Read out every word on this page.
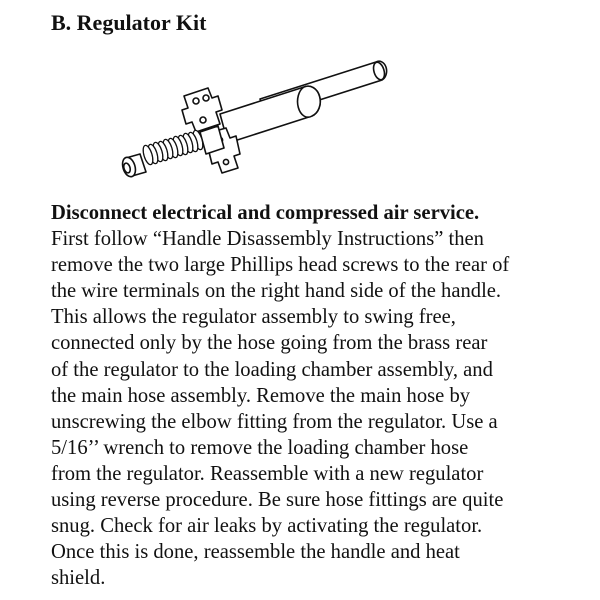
B. Regulator Kit
Disconnect electrical and compressed air service.
First follow “Handle Disassembly Instructions” then
remove the two large Phillips head screws to the rear of
the wire terminals on the right hand side of the handle.
This allows the regulator assembly to swing free,
connected only by the hose going from the brass rear
of the regulator to the loading chamber assembly, and
the main hose assembly. Remove the main hose by
unscrewing the elbow fitting from the regulator. Use a
5/16’’ wrench to remove the loading chamber hose
from the regulator. Reassemble with a new regulator
using reverse procedure. Be sure hose fittings are quite
snug. Check for air leaks by activating the regulator.
Once this is done, reassemble the handle and heat
shield.
